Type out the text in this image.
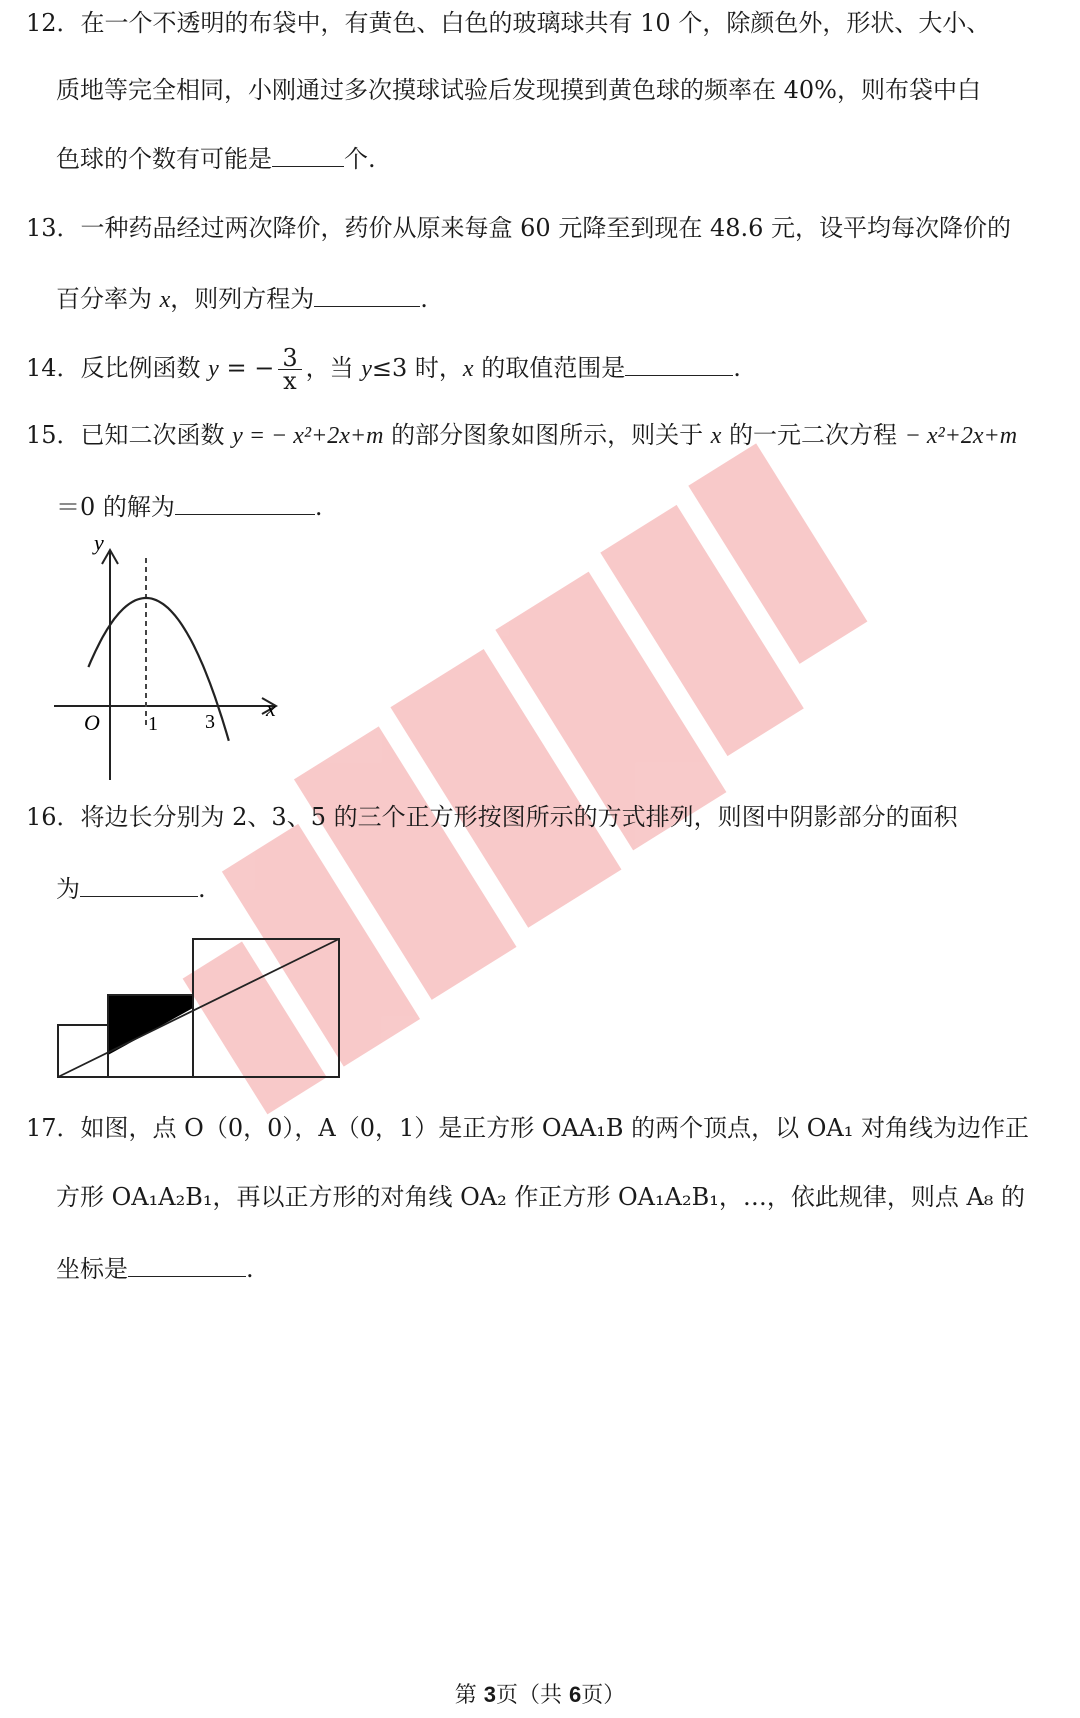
12．在一个不透明的布袋中，有黄色、白色的玻璃球共有 10 个，除颜色外，形状、大小、
质地等完全相同，小刚通过多次摸球试验后发现摸到黄色球的频率在 40%，则布袋中白
色球的个数有可能是	个.
13．一种药品经过两次降价，药价从原来每盒 60 元降至到现在 48.6 元，设平均每次降价的
百分率为 x，则列方程为	.
14．反比例函数 y = − $\frac{3}{x}$ ，当 y≤3 时，x 的取值范围是	.
15．已知二次函数 y = − x²+2x+m 的部分图象如图所示，则关于 x 的一元二次方程 − x²+2x+m
＝0 的解为	.
y
x
O 1 3
16．将边长分别为 2、3、5 的三个正方形按图所示的方式排列，则图中阴影部分的面积
为	.
17．如图，点 O（0，0），A（0，1）是正方形 OAA₁B 的两个顶点，以 OA₁ 对角线为边作正
方形 OA₁A₂B₁，再以正方形的对角线 OA₂ 作正方形 OA₁A₂B₁，…，依此规律，则点 A₈ 的
坐标是	.
第 3页（共 6页）
